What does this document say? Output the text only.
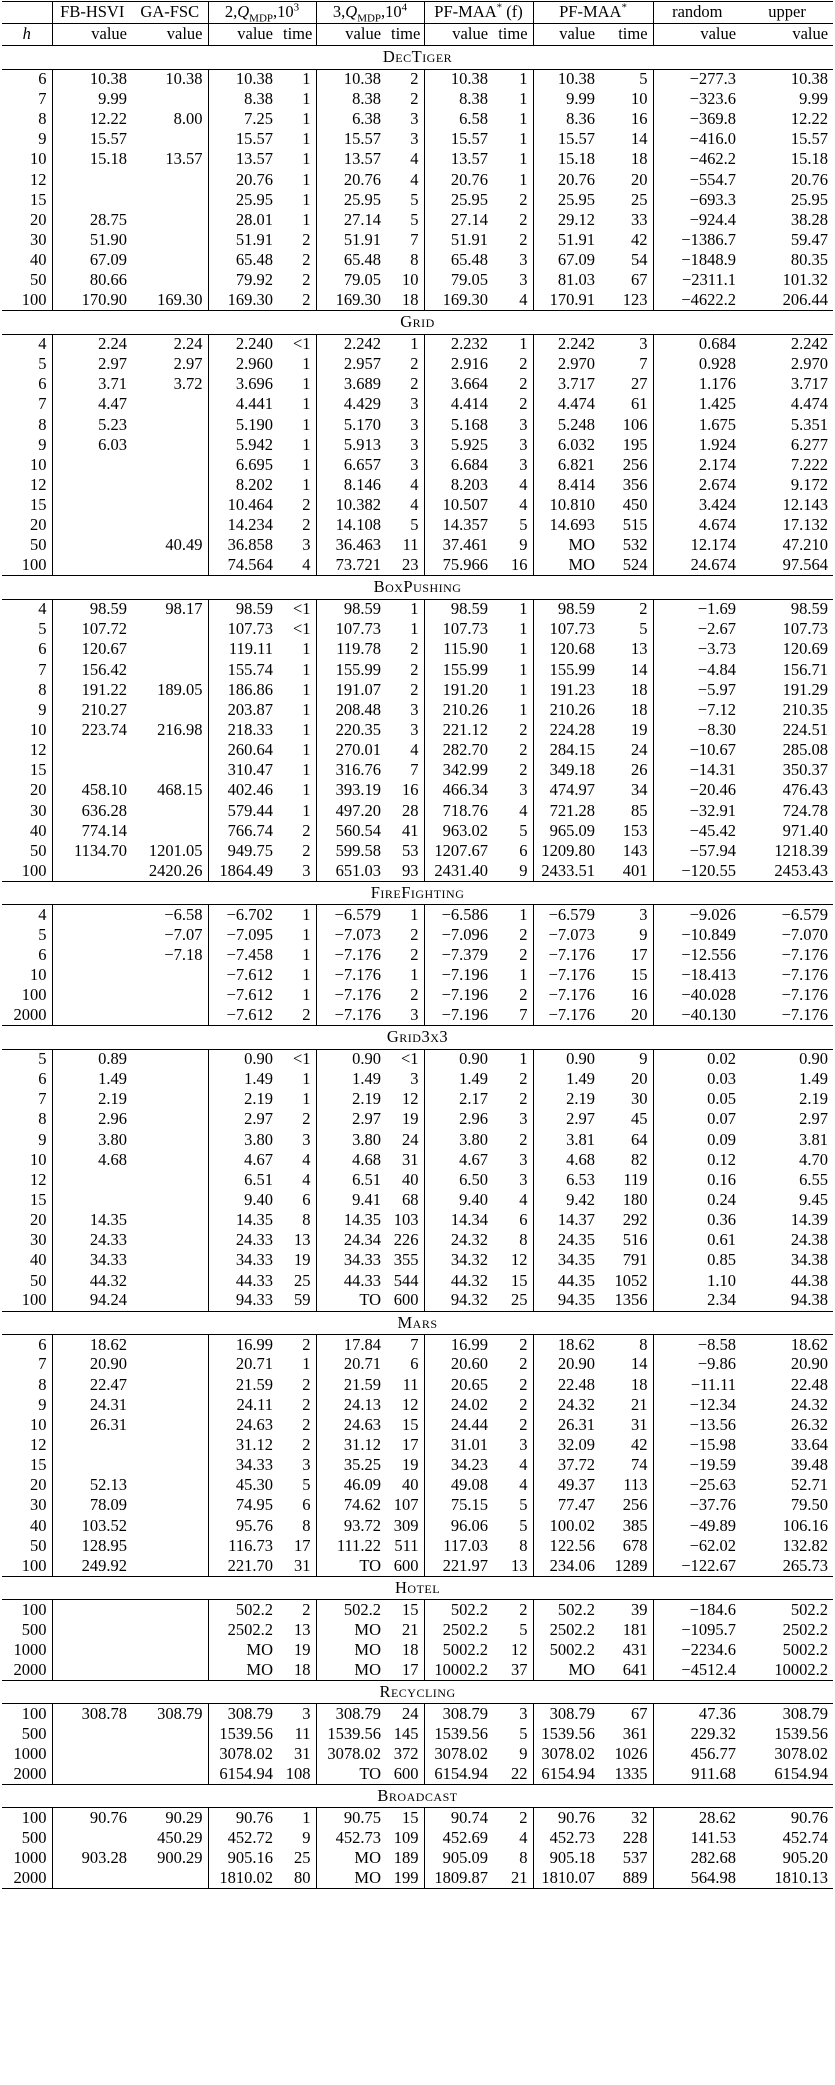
	FB-HSVI	GA-FSC	$2,Q_{MDP},10^3$		$3,Q_{MDP},10^4$		PF-MAA* (f)		PF-MAA*		random	upper
h	value	value	value	time	value	time	value	time	value	time	value	value
DecTiger												
6	10.38	10.38	10.38	1	10.38	2	10.38	1	10.38	5	−277.3	10.38
7	9.99		8.38	1	8.38	2	8.38	1	9.99	10	−323.6	9.99
8	12.22	8.00	7.25	1	6.38	3	6.58	1	8.36	16	−369.8	12.22
9	15.57		15.57	1	15.57	3	15.57	1	15.57	14	−416.0	15.57
10	15.18	13.57	13.57	1	13.57	4	13.57	1	15.18	18	−462.2	15.18
12			20.76	1	20.76	4	20.76	1	20.76	20	−554.7	20.76
15			25.95	1	25.95	5	25.95	2	25.95	25	−693.3	25.95
20	28.75		28.01	1	27.14	5	27.14	2	29.12	33	−924.4	38.28
30	51.90		51.91	2	51.91	7	51.91	2	51.91	42	−1386.7	59.47
40	67.09		65.48	2	65.48	8	65.48	3	67.09	54	−1848.9	80.35
50	80.66		79.92	2	79.05	10	79.05	3	81.03	67	−2311.1	101.32
100	170.90	169.30	169.30	2	169.30	18	169.30	4	170.91	123	−4622.2	206.44
Grid												
4	2.24	2.24	2.240	<1	2.242	1	2.232	1	2.242	3	0.684	2.242
5	2.97	2.97	2.960	1	2.957	2	2.916	2	2.970	7	0.928	2.970
6	3.71	3.72	3.696	1	3.689	2	3.664	2	3.717	27	1.176	3.717
7	4.47		4.441	1	4.429	3	4.414	2	4.474	61	1.425	4.474
8	5.23		5.190	1	5.170	3	5.168	3	5.248	106	1.675	5.351
9	6.03		5.942	1	5.913	3	5.925	3	6.032	195	1.924	6.277
10			6.695	1	6.657	3	6.684	3	6.821	256	2.174	7.222
12			8.202	1	8.146	4	8.203	4	8.414	356	2.674	9.172
15			10.464	2	10.382	4	10.507	4	10.810	450	3.424	12.143
20			14.234	2	14.108	5	14.357	5	14.693	515	4.674	17.132
50		40.49	36.858	3	36.463	11	37.461	9	MO	532	12.174	47.210
100			74.564	4	73.721	23	75.966	16	MO	524	24.674	97.564
BoxPushing												
4	98.59	98.17	98.59	<1	98.59	1	98.59	1	98.59	2	−1.69	98.59
5	107.72		107.73	<1	107.73	1	107.73	1	107.73	5	−2.67	107.73
6	120.67		119.11	1	119.78	2	115.90	1	120.68	13	−3.73	120.69
7	156.42		155.74	1	155.99	2	155.99	1	155.99	14	−4.84	156.71
8	191.22	189.05	186.86	1	191.07	2	191.20	1	191.23	18	−5.97	191.29
9	210.27		203.87	1	208.48	3	210.26	1	210.26	18	−7.12	210.35
10	223.74	216.98	218.33	1	220.35	3	221.12	2	224.28	19	−8.30	224.51
12			260.64	1	270.01	4	282.70	2	284.15	24	−10.67	285.08
15			310.47	1	316.76	7	342.99	2	349.18	26	−14.31	350.37
20	458.10	468.15	402.46	1	393.19	16	466.34	3	474.97	34	−20.46	476.43
30	636.28		579.44	1	497.20	28	718.76	4	721.28	85	−32.91	724.78
40	774.14		766.74	2	560.54	41	963.02	5	965.09	153	−45.42	971.40
50	1134.70	1201.05	949.75	2	599.58	53	1207.67	6	1209.80	143	−57.94	1218.39
100		2420.26	1864.49	3	651.03	93	2431.40	9	2433.51	401	−120.55	2453.43
FireFighting												
4		−6.58	−6.702	1	−6.579	1	−6.586	1	−6.579	3	−9.026	−6.579
5		−7.07	−7.095	1	−7.073	2	−7.096	2	−7.073	9	−10.849	−7.070
6		−7.18	−7.458	1	−7.176	2	−7.379	2	−7.176	17	−12.556	−7.176
10			−7.612	1	−7.176	1	−7.196	1	−7.176	15	−18.413	−7.176
100			−7.612	1	−7.176	2	−7.196	2	−7.176	16	−40.028	−7.176
2000			−7.612	2	−7.176	3	−7.196	7	−7.176	20	−40.130	−7.176
Grid3x3												
5	0.89		0.90	<1	0.90	<1	0.90	1	0.90	9	0.02	0.90
6	1.49		1.49	1	1.49	3	1.49	2	1.49	20	0.03	1.49
7	2.19		2.19	1	2.19	12	2.17	2	2.19	30	0.05	2.19
8	2.96		2.97	2	2.97	19	2.96	3	2.97	45	0.07	2.97
9	3.80		3.80	3	3.80	24	3.80	2	3.81	64	0.09	3.81
10	4.68		4.67	4	4.68	31	4.67	3	4.68	82	0.12	4.70
12			6.51	4	6.51	40	6.50	3	6.53	119	0.16	6.55
15			9.40	6	9.41	68	9.40	4	9.42	180	0.24	9.45
20	14.35		14.35	8	14.35	103	14.34	6	14.37	292	0.36	14.39
30	24.33		24.33	13	24.34	226	24.32	8	24.35	516	0.61	24.38
40	34.33		34.33	19	34.33	355	34.32	12	34.35	791	0.85	34.38
50	44.32		44.33	25	44.33	544	44.32	15	44.35	1052	1.10	44.38
100	94.24		94.33	59	TO	600	94.32	25	94.35	1356	2.34	94.38
Mars												
6	18.62		16.99	2	17.84	7	16.99	2	18.62	8	−8.58	18.62
7	20.90		20.71	1	20.71	6	20.60	2	20.90	14	−9.86	20.90
8	22.47		21.59	2	21.59	11	20.65	2	22.48	18	−11.11	22.48
9	24.31		24.11	2	24.13	12	24.02	2	24.32	21	−12.34	24.32
10	26.31		24.63	2	24.63	15	24.44	2	26.31	31	−13.56	26.32
12			31.12	2	31.12	17	31.01	3	32.09	42	−15.98	33.64
15			34.33	3	35.25	19	34.23	4	37.72	74	−19.59	39.48
20	52.13		45.30	5	46.09	40	49.08	4	49.37	113	−25.63	52.71
30	78.09		74.95	6	74.62	107	75.15	5	77.47	256	−37.76	79.50
40	103.52		95.76	8	93.72	309	96.06	5	100.02	385	−49.89	106.16
50	128.95		116.73	17	111.22	511	117.03	8	122.56	678	−62.02	132.82
100	249.92		221.70	31	TO	600	221.97	13	234.06	1289	−122.67	265.73
Hotel												
100			502.2	2	502.2	15	502.2	2	502.2	39	−184.6	502.2
500			2502.2	13	MO	21	2502.2	5	2502.2	181	−1095.7	2502.2
1000			MO	19	MO	18	5002.2	12	5002.2	431	−2234.6	5002.2
2000			MO	18	MO	17	10002.2	37	MO	641	−4512.4	10002.2
Recycling												
100	308.78	308.79	308.79	3	308.79	24	308.79	3	308.79	67	47.36	308.79
500			1539.56	11	1539.56	145	1539.56	5	1539.56	361	229.32	1539.56
1000			3078.02	31	3078.02	372	3078.02	9	3078.02	1026	456.77	3078.02
2000			6154.94	108	TO	600	6154.94	22	6154.94	1335	911.68	6154.94
Broadcast												
100	90.76	90.29	90.76	1	90.75	15	90.74	2	90.76	32	28.62	90.76
500		450.29	452.72	9	452.73	109	452.69	4	452.73	228	141.53	452.74
1000	903.28	900.29	905.16	25	MO	189	905.09	8	905.18	537	282.68	905.20
2000			1810.02	80	MO	199	1809.87	21	1810.07	889	564.98	1810.13
